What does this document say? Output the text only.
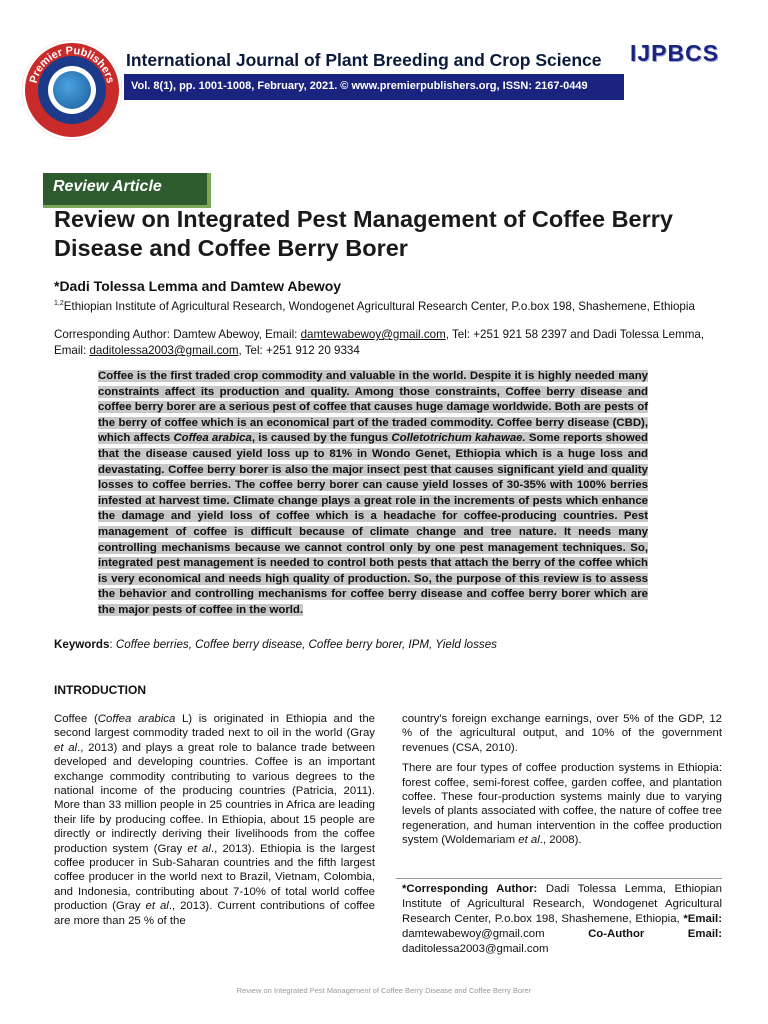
Premier Publishers
International Journal of Plant Breeding and Crop Science
Vol. 8(1), pp. 1001-1008, February, 2021. © www.premierpublishers.org, ISSN: 2167-0449
IJPBCS
Review Article
Review on Integrated Pest Management of Coffee Berry Disease and Coffee Berry Borer
*Dadi Tolessa Lemma and Damtew Abewoy
$^{1,2}$Ethiopian Institute of Agricultural Research, Wondogenet Agricultural Research Center, P.o.box 198, Shashemene, Ethiopia
Corresponding Author: Damtew Abewoy, Email: damtewabewoy@gmail.com, Tel: +251 921 58 2397 and Dadi Tolessa Lemma, Email: daditolessa2003@gmail.com, Tel: +251 912 20 9334
Coffee is the first traded crop commodity and valuable in the world. Despite it is highly needed many constraints affect its production and quality. Among those constraints, Coffee berry disease and coffee berry borer are a serious pest of coffee that causes huge damage worldwide. Both are pests of the berry of coffee which is an economical part of the traded commodity. Coffee berry disease (CBD), which affects Coffea arabica, is caused by the fungus Colletotrichum kahawae. Some reports showed that the disease caused yield loss up to 81% in Wondo Genet, Ethiopia which is a huge loss and devastating. Coffee berry borer is also the major insect pest that causes significant yield and quality losses to coffee berries. The coffee berry borer can cause yield losses of 30-35% with 100% berries infested at harvest time. Climate change plays a great role in the increments of pests which enhance the damage and yield loss of coffee which is a headache for coffee-producing countries. Pest management of coffee is difficult because of climate change and tree nature. It needs many controlling mechanisms because we cannot control only by one pest management techniques. So, integrated pest management is needed to control both pests that attach the berry of the coffee which is very economical and needs high quality of production. So, the purpose of this review is to assess the behavior and controlling mechanisms for coffee berry disease and coffee berry borer which are the major pests of coffee in the world.
Keywords: Coffee berries, Coffee berry disease, Coffee berry borer, IPM, Yield losses
INTRODUCTION
Coffee (Coffea arabica L) is originated in Ethiopia and the second largest commodity traded next to oil in the world (Gray et al., 2013) and plays a great role to balance trade between developed and developing countries. Coffee is an important exchange commodity contributing to various degrees to the national income of the producing countries (Patricia, 2011). More than 33 million people in 25 countries in Africa are leading their life by producing coffee. In Ethiopia, about 15 people are directly or indirectly deriving their livelihoods from the coffee production system (Gray et al., 2013). Ethiopia is the largest coffee producer in Sub-Saharan countries and the fifth largest coffee producer in the world next to Brazil, Vietnam, Colombia, and Indonesia, contributing about 7-10% of total world coffee production (Gray et al., 2013). Current contributions of coffee are more than 25 % of the

country's foreign exchange earnings, over 5% of the GDP, 12 % of the agricultural output, and 10% of the government revenues (CSA, 2010).

There are four types of coffee production systems in Ethiopia: forest coffee, semi-forest coffee, garden coffee, and plantation coffee. These four-production systems mainly due to varying levels of plants associated with coffee, the nature of coffee tree regeneration, and human intervention in the coffee production system (Woldemariam et al., 2008).

*Corresponding Author: Dadi Tolessa Lemma, Ethiopian Institute of Agricultural Research, Wondogenet Agricultural Research Center, P.o.box 198, Shashemene, Ethiopia, *Email: damtewabewoy@gmail.com Co-Author Email: daditolessa2003@gmail.com
Review on Integrated Pest Management of Coffee Berry Disease and Coffee Berry Borer
